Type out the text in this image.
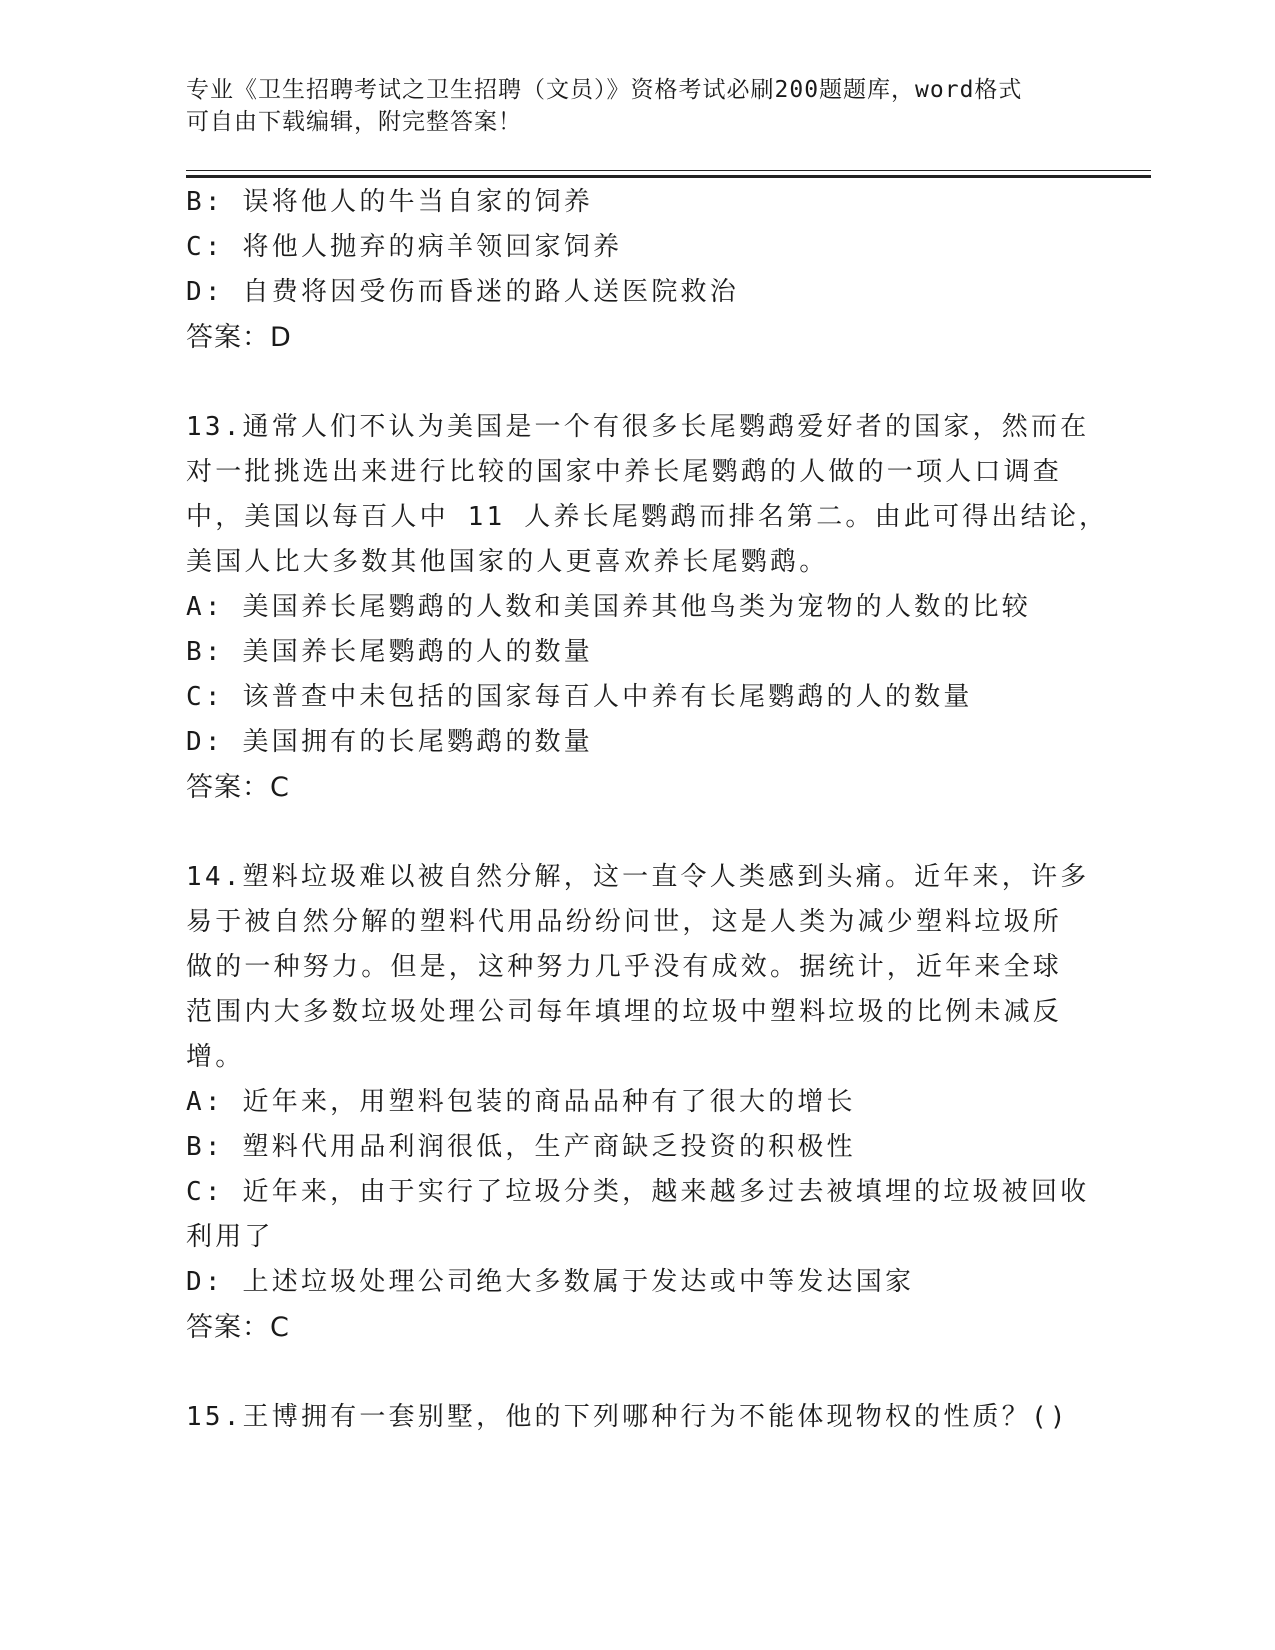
专业《卫生招聘考试之卫生招聘（文员）》资格考试必刷200题题库，word格式
可自由下载编辑，附完整答案！
B: 误将他人的牛当自家的饲养
C: 将他人抛弃的病羊领回家饲养
D: 自费将因受伤而昏迷的路人送医院救治
答案：D
13.通常人们不认为美国是一个有很多长尾鹦鹉爱好者的国家，然而在
对一批挑选出来进行比较的国家中养长尾鹦鹉的人做的一项人口调查
中，美国以每百人中 11 人养长尾鹦鹉而排名第二。由此可得出结论，
美国人比大多数其他国家的人更喜欢养长尾鹦鹉。
A: 美国养长尾鹦鹉的人数和美国养其他鸟类为宠物的人数的比较
B: 美国养长尾鹦鹉的人的数量
C: 该普查中未包括的国家每百人中养有长尾鹦鹉的人的数量
D: 美国拥有的长尾鹦鹉的数量
答案：C
14.塑料垃圾难以被自然分解，这一直令人类感到头痛。近年来，许多
易于被自然分解的塑料代用品纷纷问世，这是人类为减少塑料垃圾所
做的一种努力。但是，这种努力几乎没有成效。据统计，近年来全球
范围内大多数垃圾处理公司每年填埋的垃圾中塑料垃圾的比例未减反
增。
A: 近年来，用塑料包装的商品品种有了很大的增长
B: 塑料代用品利润很低，生产商缺乏投资的积极性
C: 近年来，由于实行了垃圾分类，越来越多过去被填埋的垃圾被回收
利用了
D: 上述垃圾处理公司绝大多数属于发达或中等发达国家
答案：C
15.王博拥有一套别墅，他的下列哪种行为不能体现物权的性质？()
